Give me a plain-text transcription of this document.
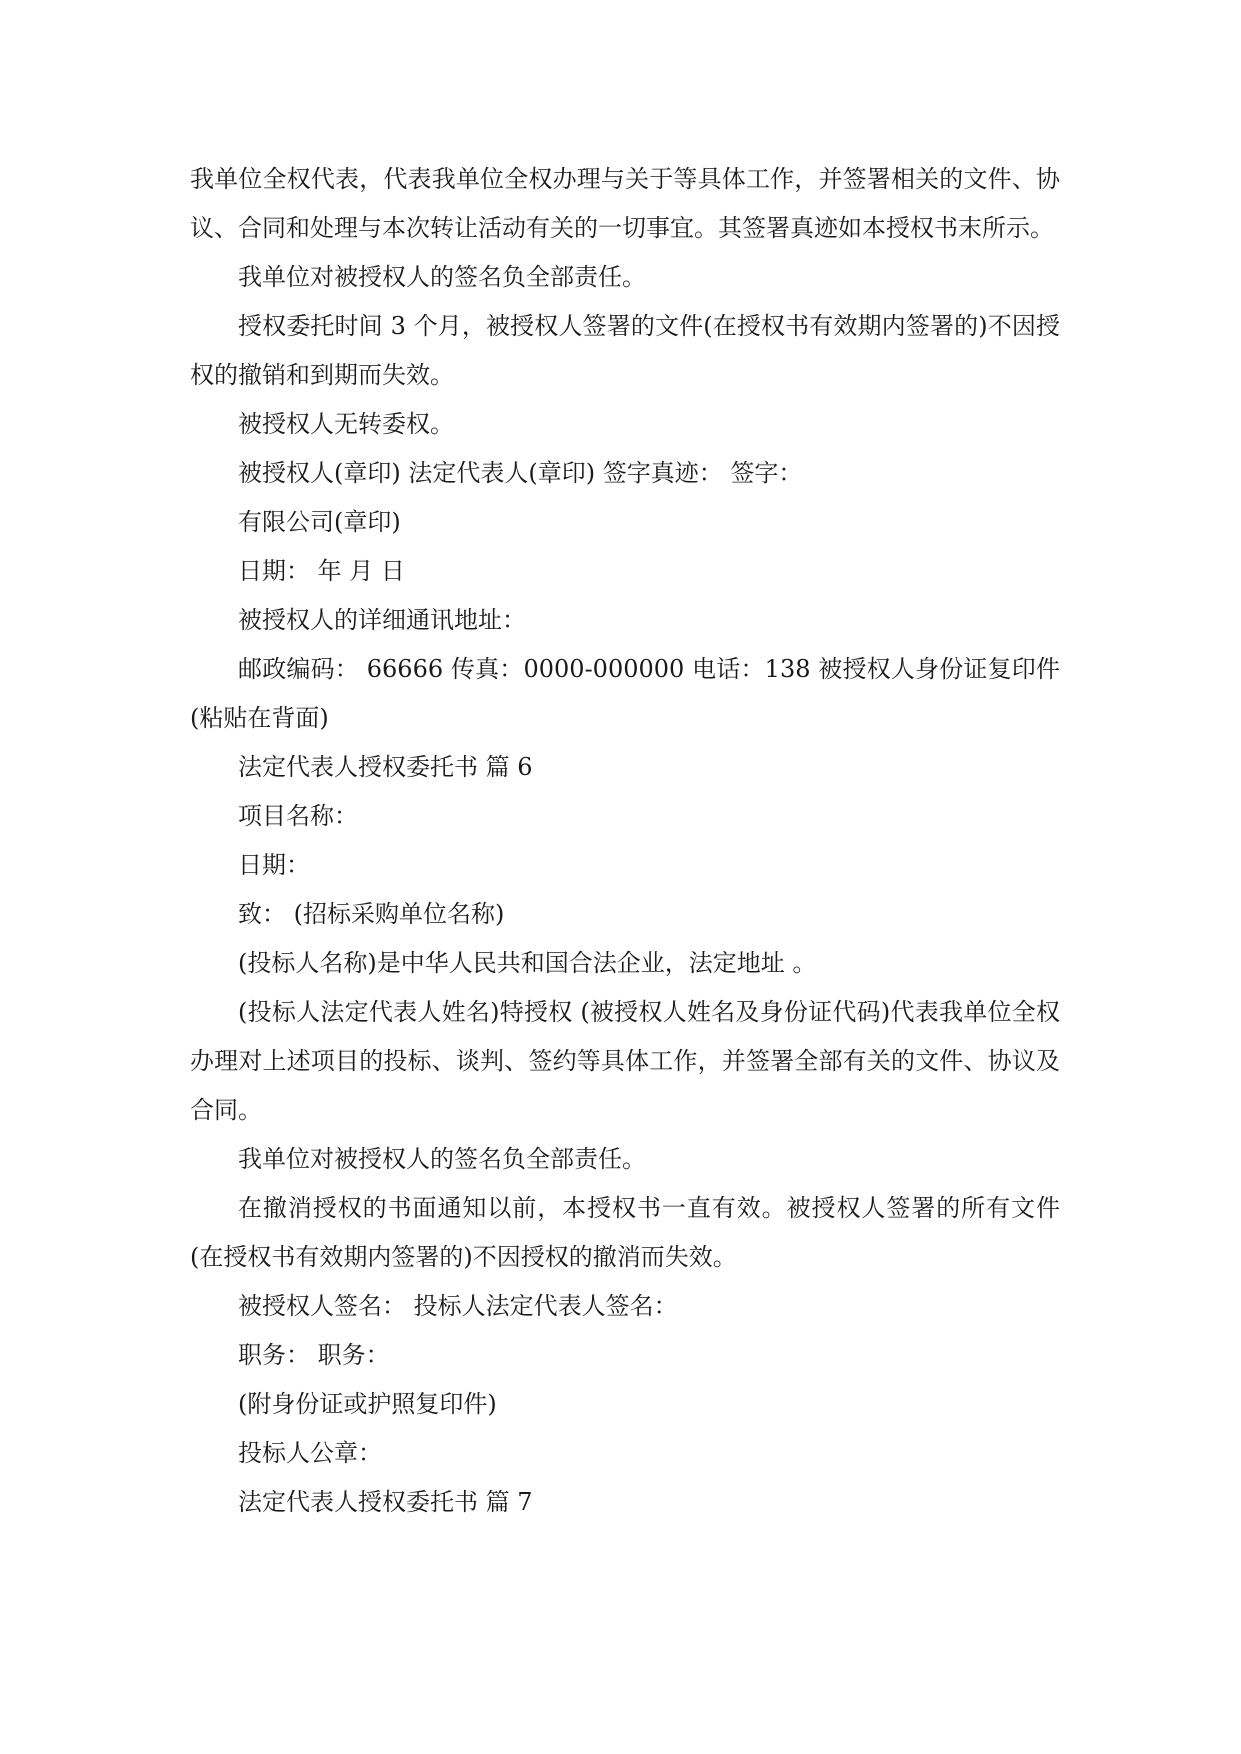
我单位全权代表，代表我单位全权办理与关于等具体工作，并签署相关的文件、协议、合同和处理与本次转让活动有关的一切事宜。其签署真迹如本授权书末所示。

我单位对被授权人的签名负全部责任。

授权委托时间 3 个月，被授权人签署的文件(在授权书有效期内签署的)不因授权的撤销和到期而失效。

被授权人无转委权。

被授权人(章印) 法定代表人(章印) 签字真迹： 签字：

有限公司(章印)

日期： 年 月 日

被授权人的详细通讯地址：

邮政编码： 66666 传真：0000-000000 电话：138 被授权人身份证复印件(粘贴在背面)

法定代表人授权委托书 篇 6

项目名称：

日期：

致： (招标采购单位名称)

(投标人名称)是中华人民共和国合法企业，法定地址 。

(投标人法定代表人姓名)特授权 (被授权人姓名及身份证代码)代表我单位全权办理对上述项目的投标、谈判、签约等具体工作，并签署全部有关的文件、协议及合同。

我单位对被授权人的签名负全部责任。

在撤消授权的书面通知以前，本授权书一直有效。被授权人签署的所有文件(在授权书有效期内签署的)不因授权的撤消而失效。

被授权人签名： 投标人法定代表人签名：

职务： 职务：

(附身份证或护照复印件)

投标人公章：

法定代表人授权委托书 篇 7
